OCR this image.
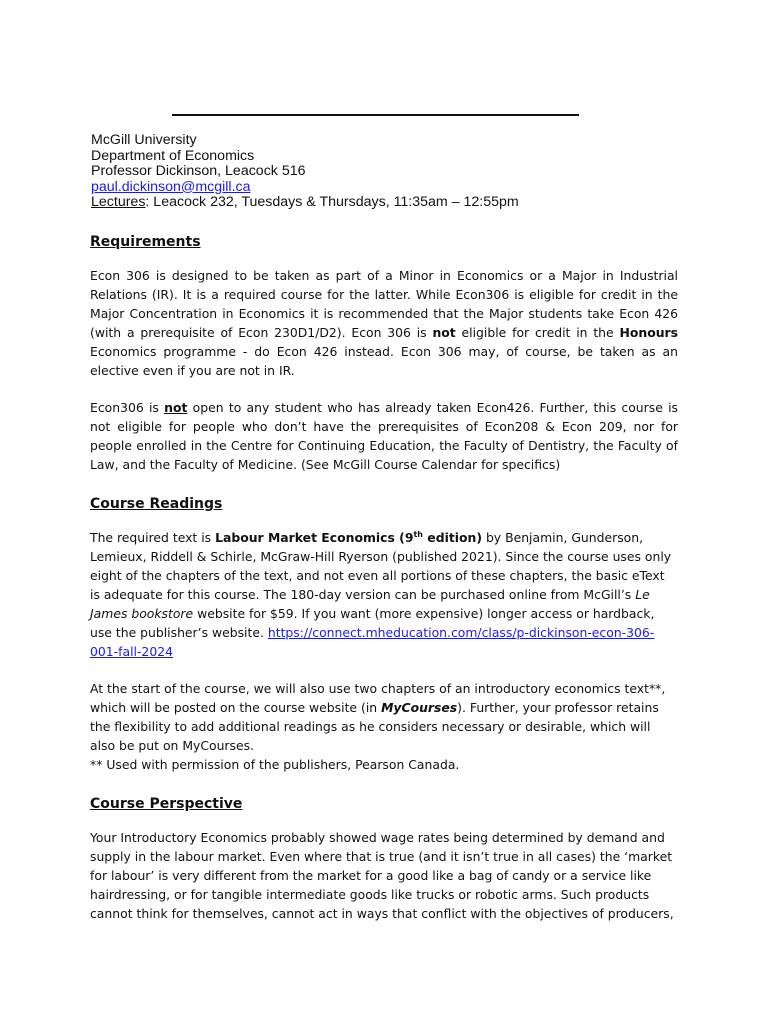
McGill University
Department of Economics
Professor Dickinson, Leacock 516
paul.dickinson@mcgill.ca
Lectures: Leacock 232, Tuesdays & Thursdays, 11:35am – 12:55pm
Requirements

Econ 306 is designed to be taken as part of a Minor in Economics or a Major in Industrial Relations (IR). It is a required course for the latter. While Econ306 is eligible for credit in the Major Concentration in Economics it is recommended that the Major students take Econ 426 (with a prerequisite of Econ 230D1/D2). Econ 306 is not eligible for credit in the Honours Economics programme - do Econ 426 instead. Econ 306 may, of course, be taken as an elective even if you are not in IR.

Econ306 is not open to any student who has already taken Econ426. Further, this course is not eligible for people who don’t have the prerequisites of Econ208 & Econ 209, nor for people enrolled in the Centre for Continuing Education, the Faculty of Dentistry, the Faculty of Law, and the Faculty of Medicine. (See McGill Course Calendar for specifics)

Course Readings

The required text is Labour Market Economics (9th edition) by Benjamin, Gunderson, Lemieux, Riddell & Schirle, McGraw-Hill Ryerson (published 2021). Since the course uses only eight of the chapters of the text, and not even all portions of these chapters, the basic eText is adequate for this course. The 180-day version can be purchased online from McGill’s Le James bookstore website for $59. If you want (more expensive) longer access or hardback, use the publisher’s website. https://connect.mheducation.com/class/p-dickinson-econ-306-001-fall-2024

At the start of the course, we will also use two chapters of an introductory economics text**, which will be posted on the course website (in MyCourses). Further, your professor retains the flexibility to add additional readings as he considers necessary or desirable, which will also be put on MyCourses.

** Used with permission of the publishers, Pearson Canada.

Course Perspective

Your Introductory Economics probably showed wage rates being determined by demand and supply in the labour market. Even where that is true (and it isn’t true in all cases) the ‘market for labour’ is very different from the market for a good like a bag of candy or a service like hairdressing, or for tangible intermediate goods like trucks or robotic arms. Such products cannot think for themselves, cannot act in ways that conflict with the objectives of producers,
